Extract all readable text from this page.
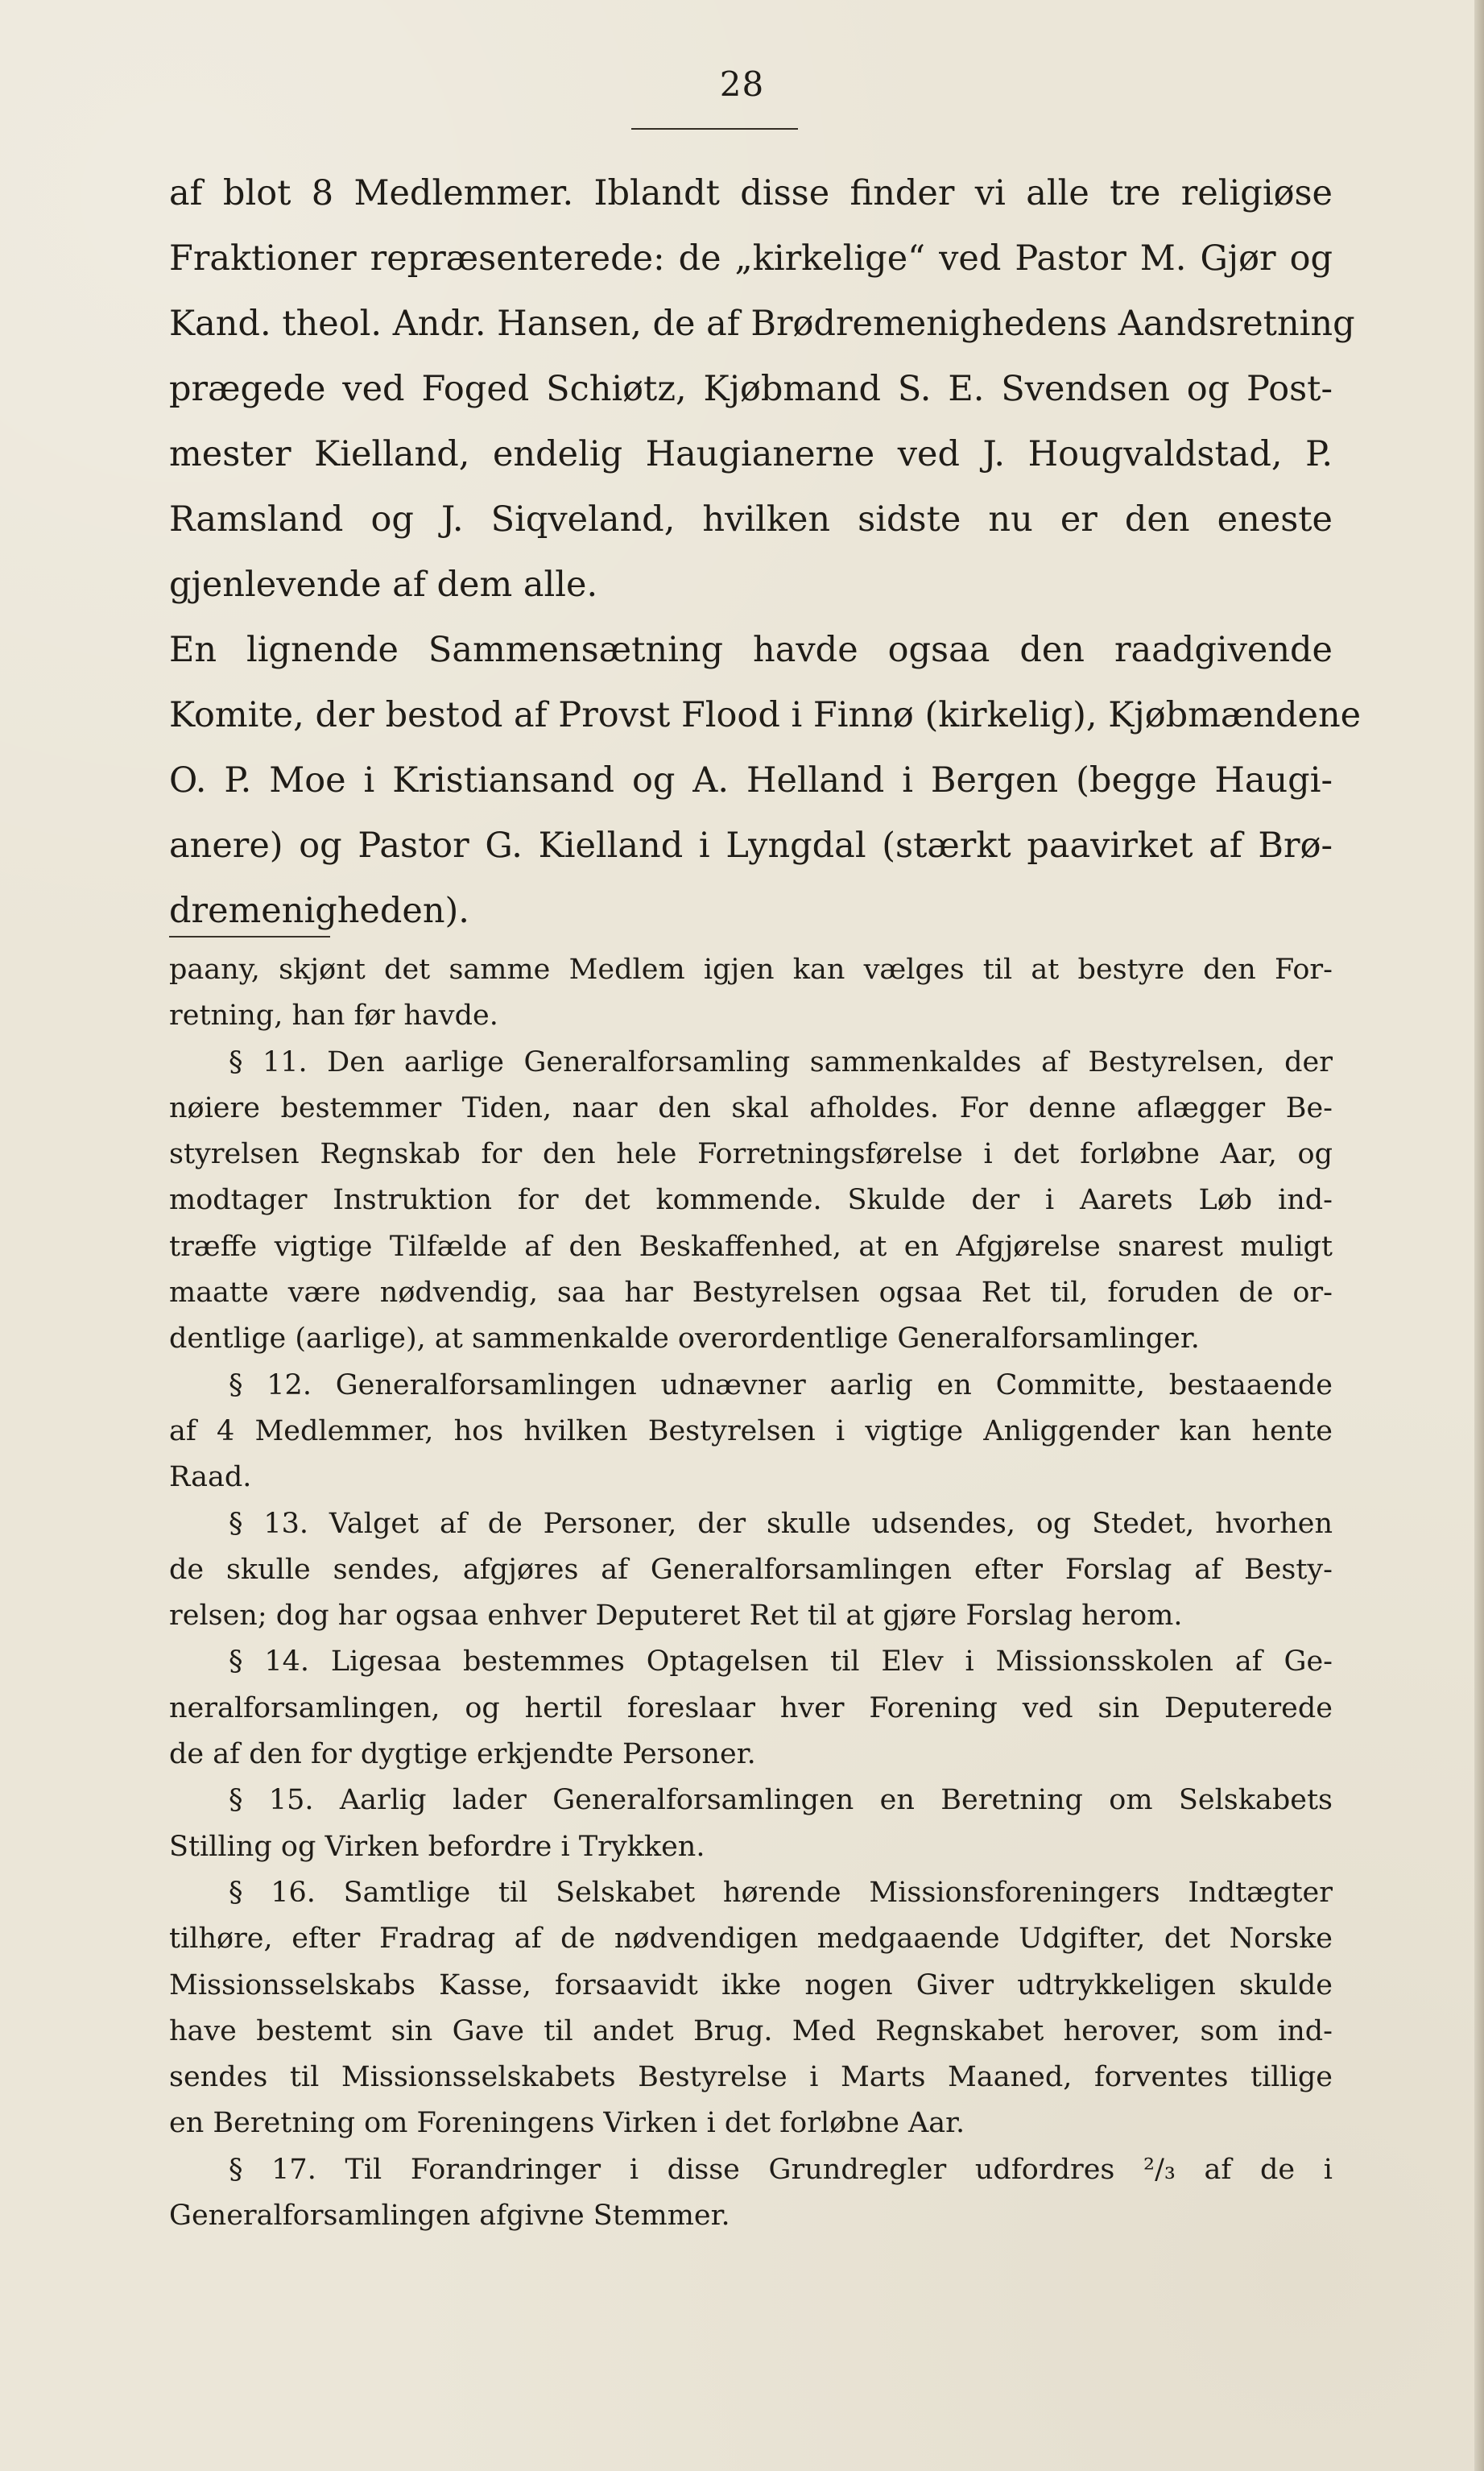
28
af blot 8 Medlemmer. Iblandt disse finder vi alle tre religiøse
Fraktioner repræsenterede: de „kirkelige“ ved Pastor M. Gjør og
Kand. theol. Andr. Hansen, de af Brødremenighedens Aandsretning
prægede ved Foged Schiøtz, Kjøbmand S. E. Svendsen og Post-
mester Kielland, endelig Haugianerne ved J. Hougvaldstad, P.
Ramsland og J. Siqveland, hvilken sidste nu er den eneste
gjenlevende af dem alle.
En lignende Sammensætning havde ogsaa den raadgivende
Komite, der bestod af Provst Flood i Finnø (kirkelig), Kjøbmændene
O. P. Moe i Kristiansand og A. Helland i Bergen (begge Haugi-
anere) og Pastor G. Kielland i Lyngdal (stærkt paavirket af Brø-
dremenigheden).
paany, skjønt det samme Medlem igjen kan vælges til at bestyre den For-
retning, han før havde.
§ 11. Den aarlige Generalforsamling sammenkaldes af Bestyrelsen, der
nøiere bestemmer Tiden, naar den skal afholdes. For denne aflægger Be-
styrelsen Regnskab for den hele Forretningsførelse i det forløbne Aar, og
modtager Instruktion for det kommende. Skulde der i Aarets Løb ind-
træffe vigtige Tilfælde af den Beskaffenhed, at en Afgjørelse snarest muligt
maatte være nødvendig, saa har Bestyrelsen ogsaa Ret til, foruden de or-
dentlige (aarlige), at sammenkalde overordentlige Generalforsamlinger.
§ 12. Generalforsamlingen udnævner aarlig en Committe, bestaaende
af 4 Medlemmer, hos hvilken Bestyrelsen i vigtige Anliggender kan hente
Raad.
§ 13. Valget af de Personer, der skulle udsendes, og Stedet, hvorhen
de skulle sendes, afgjøres af Generalforsamlingen efter Forslag af Besty-
relsen; dog har ogsaa enhver Deputeret Ret til at gjøre Forslag herom.
§ 14. Ligesaa bestemmes Optagelsen til Elev i Missionsskolen af Ge-
neralforsamlingen, og hertil foreslaar hver Forening ved sin Deputerede
de af den for dygtige erkjendte Personer.
§ 15. Aarlig lader Generalforsamlingen en Beretning om Selskabets
Stilling og Virken befordre i Trykken.
§ 16. Samtlige til Selskabet hørende Missionsforeningers Indtægter
tilhøre, efter Fradrag af de nødvendigen medgaaende Udgifter, det Norske
Missionsselskabs Kasse, forsaavidt ikke nogen Giver udtrykkeligen skulde
have bestemt sin Gave til andet Brug. Med Regnskabet herover, som ind-
sendes til Missionsselskabets Bestyrelse i Marts Maaned, forventes tillige
en Beretning om Foreningens Virken i det forløbne Aar.
§ 17. Til Forandringer i disse Grundregler udfordres ²/₃ af de i
Generalforsamlingen afgivne Stemmer.
